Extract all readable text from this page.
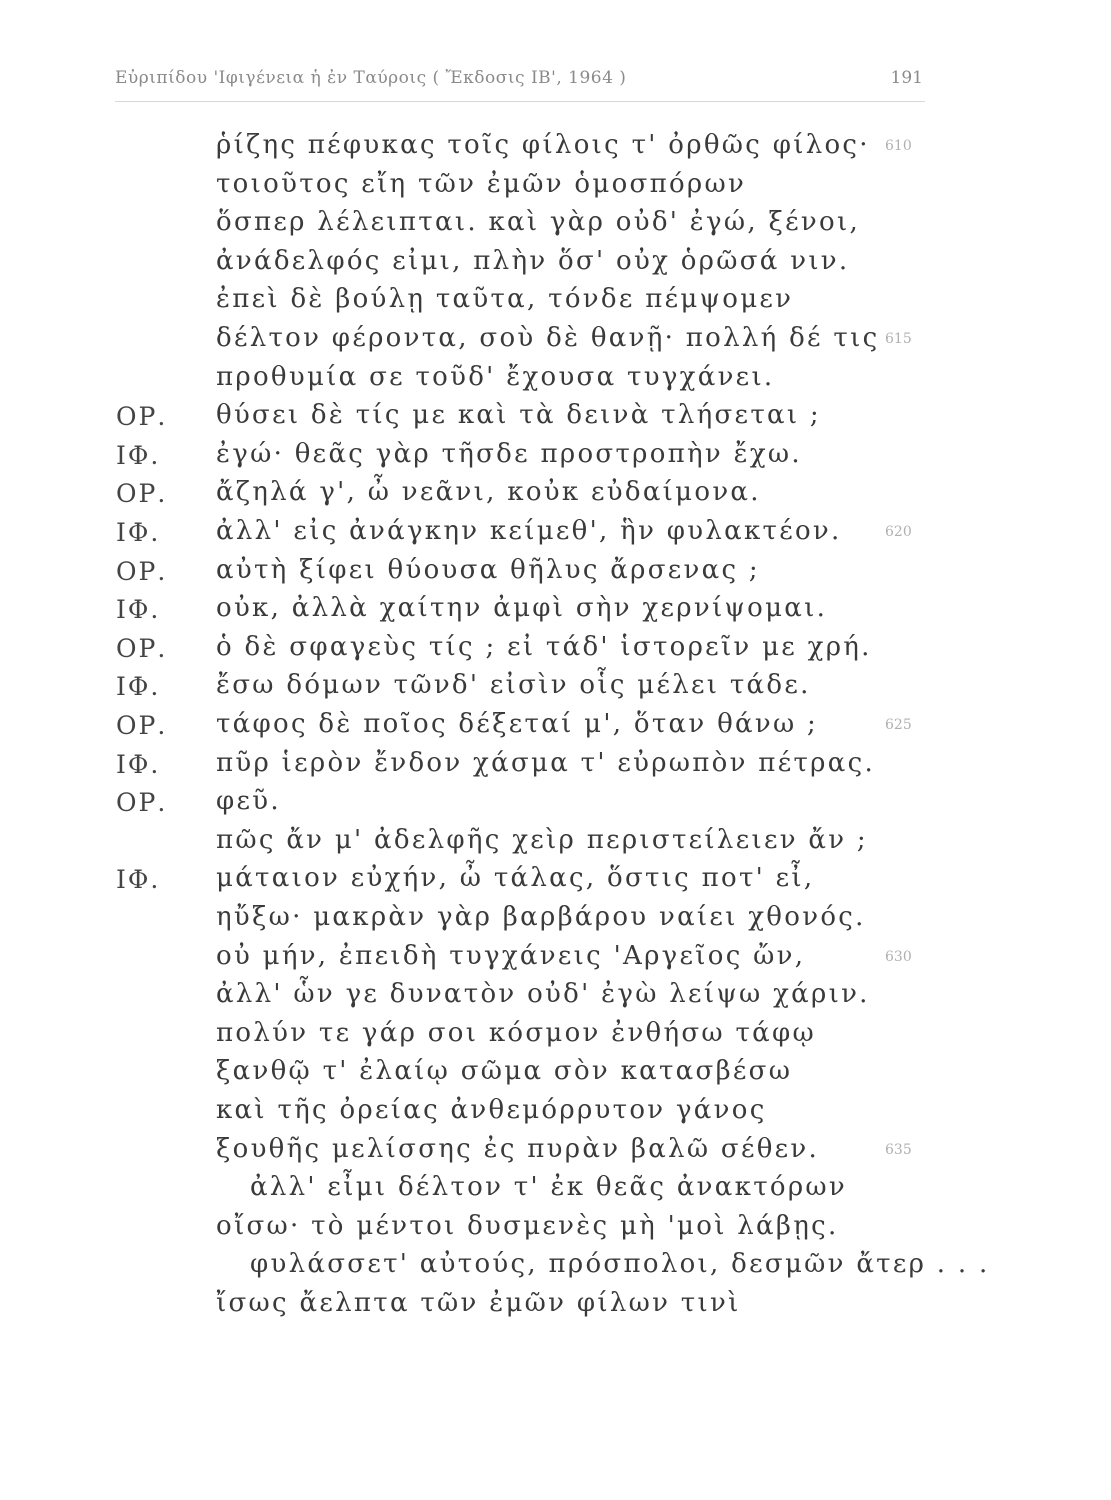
Εὐριπίδου 'Ιφιγένεια ἡ ἐν Ταύροις ( Ἔκδοσις ΙΒ', 1964 )	191
ῥίζης πέφυκας τοῖς φίλοις τ' ὀρθῶς φίλος· 610
τοιοῦτος εἴη τῶν ἐμῶν ὁμοσπόρων
ὅσπερ λέλειπται. καὶ γὰρ οὐδ' ἐγώ, ξένοι,
ἀνάδελφός εἰμι, πλὴν ὅσ' οὐχ ὁρῶσά νιν.
ἐπεὶ δὲ βούλῃ ταῦτα, τόνδε πέμψομεν
δέλτον φέροντα, σοὺ δὲ θανῇ· πολλή δέ τις 615
προθυμία σε τοῦδ' ἔχουσα τυγχάνει.
ΟΡ. θύσει δὲ τίς με καὶ τὰ δεινὰ τλήσεται ;
ΙΦ. ἐγώ· θεᾶς γὰρ τῆσδε προστροπὴν ἔχω.
ΟΡ. ἄζηλά γ', ὦ νεᾶνι, κοὐκ εὐδαίμονα.
ΙΦ. ἀλλ' εἰς ἀνάγκην κείμεθ', ἣν φυλακτέον.	620
ΟΡ. αὐτὴ ξίφει θύουσα θῆλυς ἄρσενας ;
ΙΦ. οὐκ, ἀλλὰ χαίτην ἀμφὶ σὴν χερνίψομαι.
ΟΡ. ὁ δὲ σφαγεὺς τίς ; εἰ τάδ' ἱστορεῖν με χρή.
ΙΦ. ἔσω δόμων τῶνδ' εἰσὶν οἷς μέλει τάδε.
ΟΡ. τάφος δὲ ποῖος δέξεταί μ', ὅταν θάνω ;	625
ΙΦ. πῦρ ἱερὸν ἔνδον χάσμα τ' εὐρωπὸν πέτρας.
ΟΡ. φεῦ.
πῶς ἄν μ' ἀδελφῆς χεὶρ περιστείλειεν ἄν ;
ΙΦ. μάταιον εὐχήν, ὦ τάλας, ὅστις ποτ' εἶ,
ηὔξω· μακρὰν γὰρ βαρβάρου ναίει χθονός.
οὐ μήν, ἐπειδὴ τυγχάνεις 'Αργεῖος ὤν,	630
ἀλλ' ὧν γε δυνατὸν οὐδ' ἐγὼ λείψω χάριν.
πολύν τε γάρ σοι κόσμον ἐνθήσω τάφῳ
ξανθῷ τ' ἐλαίῳ σῶμα σὸν κατασβέσω
καὶ τῆς ὀρείας ἀνθεμόρρυτον γάνος
ξουθῆς μελίσσης ἐς πυρὰν βαλῶ σέθεν.	635
ἀλλ' εἶμι δέλτον τ' ἐκ θεᾶς ἀνακτόρων
οἴσω· τὸ μέντοι δυσμενὲς μὴ 'μοὶ λάβῃς.
φυλάσσετ' αὐτούς, πρόσπολοι, δεσμῶν ἄτερ . . .
ἴσως ἄελπτα τῶν ἐμῶν φίλων τινὶ
